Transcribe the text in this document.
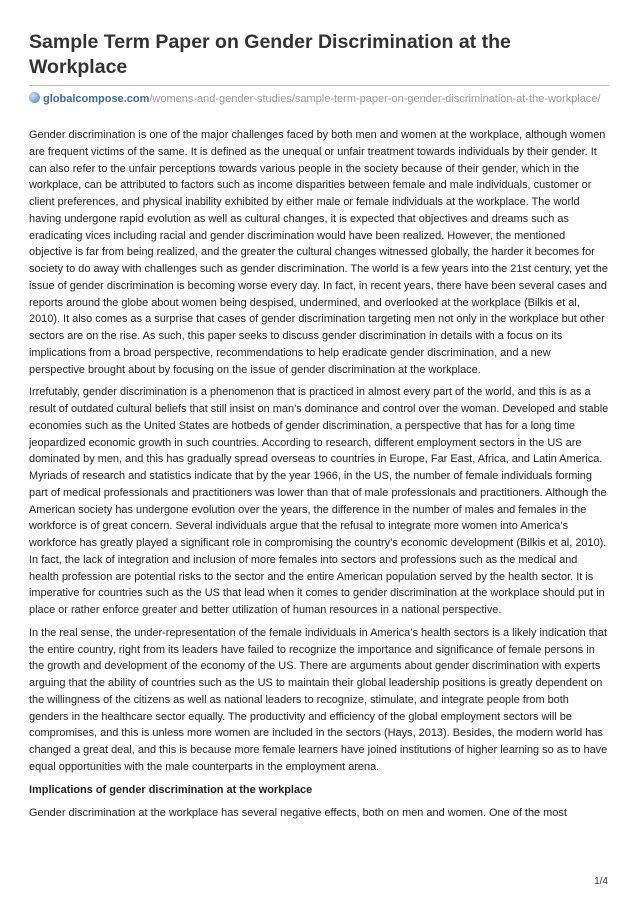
Sample Term Paper on Gender Discrimination at the Workplace
globalcompose.com/womens-and-gender-studies/sample-term-paper-on-gender-discrimination-at-the-workplace/

Gender discrimination is one of the major challenges faced by both men and women at the workplace, although women are frequent victims of the same. It is defined as the unequal or unfair treatment towards individuals by their gender. It can also refer to the unfair perceptions towards various people in the society because of their gender, which in the workplace, can be attributed to factors such as income disparities between female and male individuals, customer or client preferences, and physical inability exhibited by either male or female individuals at the workplace. The world having undergone rapid evolution as well as cultural changes, it is expected that objectives and dreams such as eradicating vices including racial and gender discrimination would have been realized. However, the mentioned objective is far from being realized, and the greater the cultural changes witnessed globally, the harder it becomes for society to do away with challenges such as gender discrimination. The world is a few years into the 21st century, yet the issue of gender discrimination is becoming worse every day. In fact, in recent years, there have been several cases and reports around the globe about women being despised, undermined, and overlooked at the workplace (Bilkis et al, 2010). It also comes as a surprise that cases of gender discrimination targeting men not only in the workplace but other sectors are on the rise. As such, this paper seeks to discuss gender discrimination in details with a focus on its implications from a broad perspective, recommendations to help eradicate gender discrimination, and a new perspective brought about by focusing on the issue of gender discrimination at the workplace.

Irrefutably, gender discrimination is a phenomenon that is practiced in almost every part of the world, and this is as a result of outdated cultural beliefs that still insist on man’s dominance and control over the woman. Developed and stable economies such as the United States are hotbeds of gender discrimination, a perspective that has for a long time jeopardized economic growth in such countries. According to research, different employment sectors in the US are dominated by men, and this has gradually spread overseas to countries in Europe, Far East, Africa, and Latin America. Myriads of research and statistics indicate that by the year 1966, in the US, the number of female individuals forming part of medical professionals and practitioners was lower than that of male professionals and practitioners. Although the American society has undergone evolution over the years, the difference in the number of males and females in the workforce is of great concern. Several individuals argue that the refusal to integrate more women into America’s workforce has greatly played a significant role in compromising the country’s economic development (Bilkis et al, 2010). In fact, the lack of integration and inclusion of more females into sectors and professions such as the medical and health profession are potential risks to the sector and the entire American population served by the health sector. It is imperative for countries such as the US that lead when it comes to gender discrimination at the workplace should put in place or rather enforce greater and better utilization of human resources in a national perspective.

In the real sense, the under-representation of the female individuals in America’s health sectors is a likely indication that the entire country, right from its leaders have failed to recognize the importance and significance of female persons in the growth and development of the economy of the US. There are arguments about gender discrimination with experts arguing that the ability of countries such as the US to maintain their global leadership positions is greatly dependent on the willingness of the citizens as well as national leaders to recognize, stimulate, and integrate people from both genders in the healthcare sector equally. The productivity and efficiency of the global employment sectors will be compromises, and this is unless more women are included in the sectors (Hays, 2013). Besides, the modern world has changed a great deal, and this is because more female learners have joined institutions of higher learning so as to have equal opportunities with the male counterparts in the employment arena.

Implications of gender discrimination at the workplace

Gender discrimination at the workplace has several negative effects, both on men and women. One of the most

1/4
